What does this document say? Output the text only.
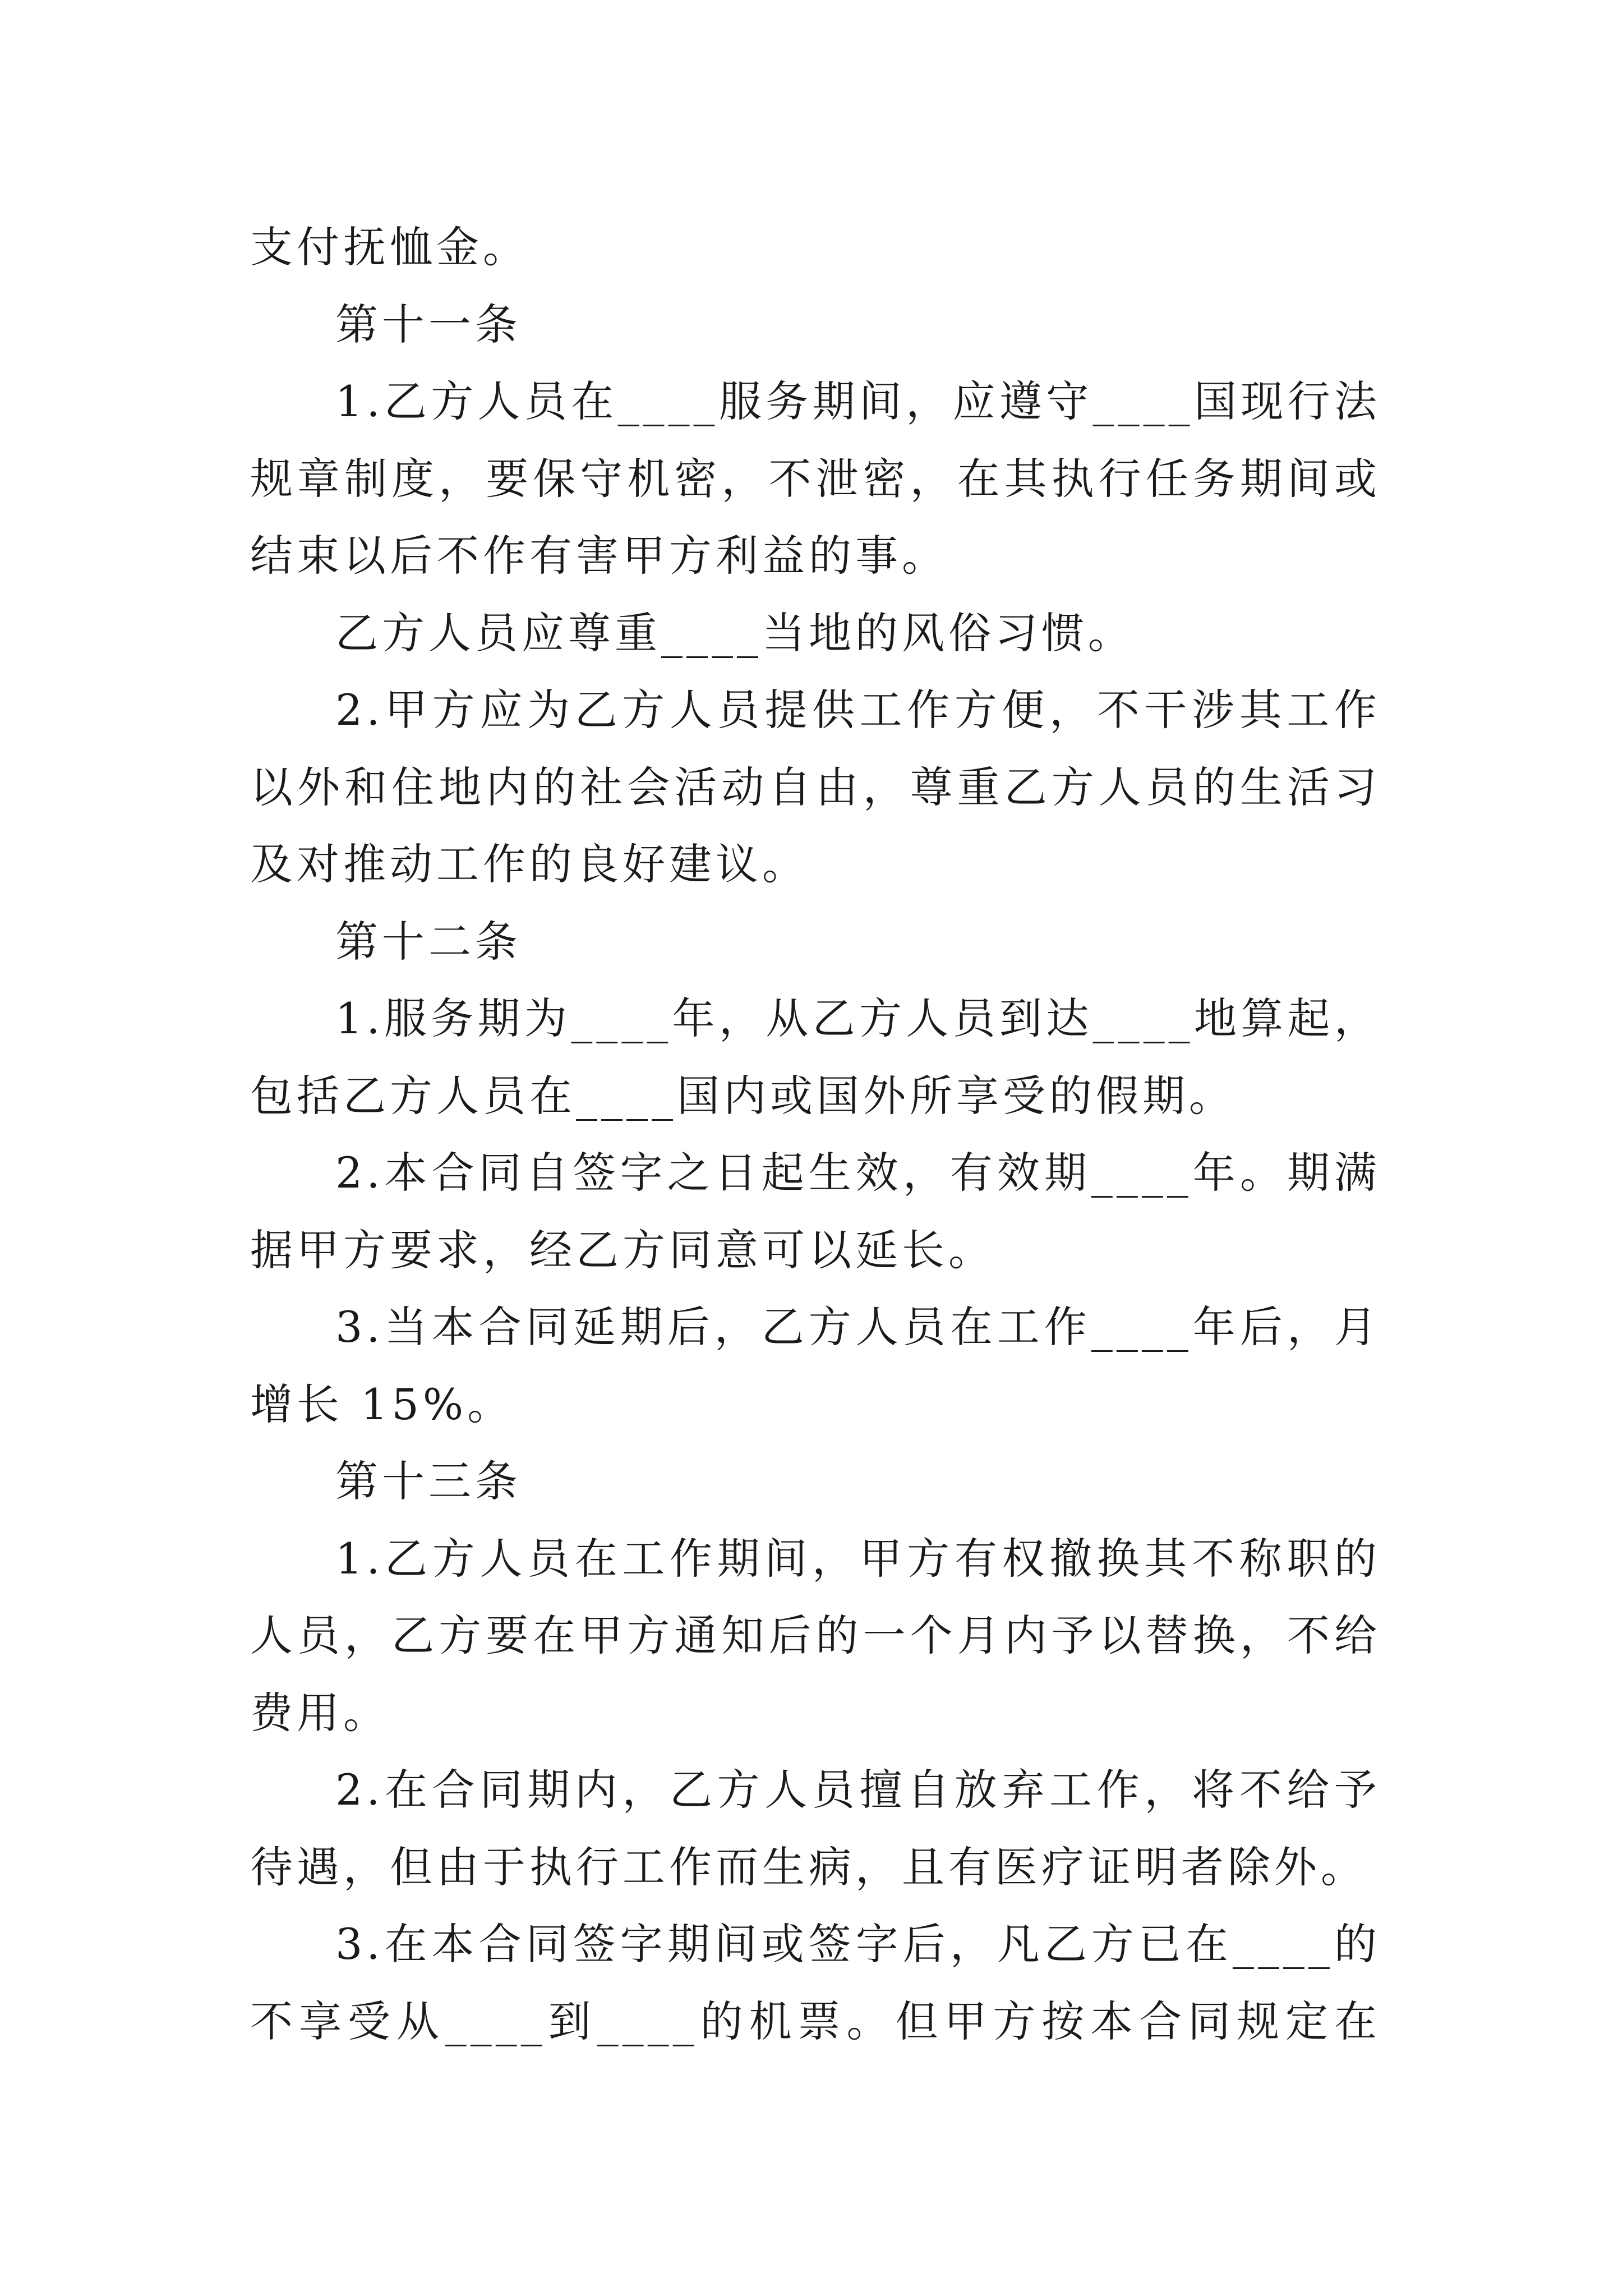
支付抚恤金。
第十一条
1.乙方人员在____服务期间，应遵守____国现行法
规章制度，要保守机密，不泄密，在其执行任务期间或
结束以后不作有害甲方利益的事。
乙方人员应尊重____当地的风俗习惯。
2.甲方应为乙方人员提供工作方便，不干涉其工作
以外和住地内的社会活动自由，尊重乙方人员的生活习
及对推动工作的良好建议。
第十二条
1.服务期为____年，从乙方人员到达____地算起，
包括乙方人员在____国内或国外所享受的假期。
2.本合同自签字之日起生效，有效期____年。期满
据甲方要求，经乙方同意可以延长。
3.当本合同延期后，乙方人员在工作____年后，月
增长 15%。
第十三条
1.乙方人员在工作期间，甲方有权撤换其不称职的
人员，乙方要在甲方通知后的一个月内予以替换，不给
费用。
2.在合同期内，乙方人员擅自放弃工作，将不给予
待遇，但由于执行工作而生病，且有医疗证明者除外。
3.在本合同签字期间或签字后，凡乙方已在____的
不享受从____到____的机票。但甲方按本合同规定在
